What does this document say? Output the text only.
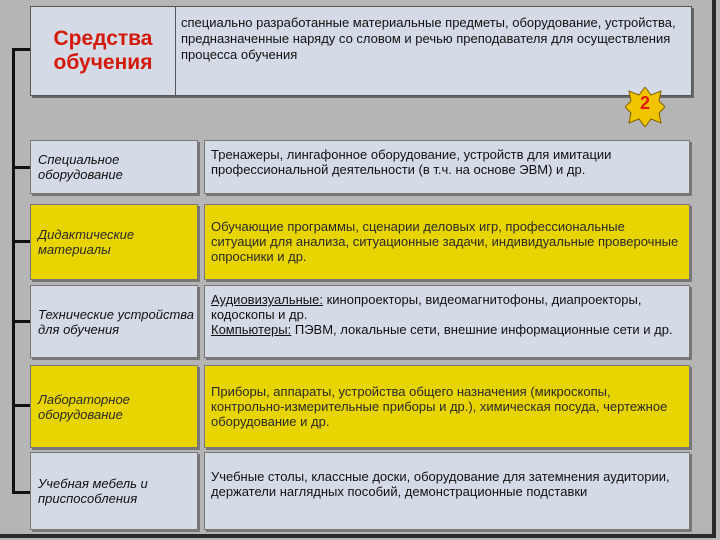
Средства
обучения
специально разработанные материальные предметы, оборудование, устройства, предназначенные наряду со словом и речью преподавателя для осуществления процесса обучения
2
Специальное оборудование
Тренажеры, лингафонное оборудование, устройств для имитации профессиональной деятельности (в т.ч. на основе ЭВМ) и др.
Дидактические материалы
Обучающие программы, сценарии деловых игр, профессиональные ситуации для анализа, ситуационные задачи, индивидуальные проверочные опросники и др.
Технические устройства для обучения
Аудиовизуальные: кинопроекторы, видеомагнитофоны, диапроекторы, кодоскопы и др.
Компьютеры: ПЭВМ, локальные сети, внешние информационные сети и др.
Лабораторное оборудование
Приборы, аппараты, устройства общего назначения (микроскопы, контрольно-измерительные приборы и др.), химическая посуда, чертежное оборудование и др.
Учебная мебель и приспособления
Учебные столы, классные доски, оборудование для затемнения аудитории, держатели наглядных пособий, демонстрационные подставки
